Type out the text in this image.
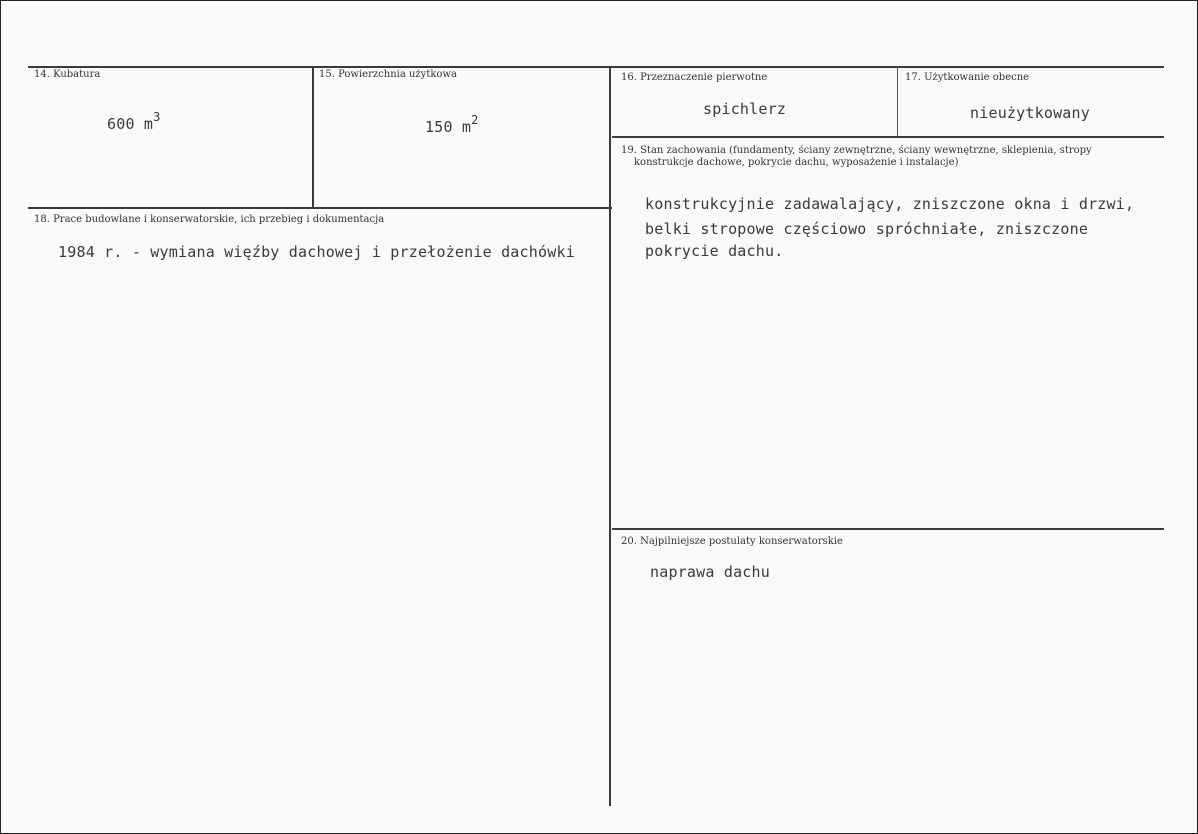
14. Kubatura
600 $m^3$
15. Powierzchnia użytkowa
150 $m^2$
16. Przeznaczenie pierwotne
spichlerz
17. Użytkowanie obecne
nieużytkowany
18. Prace budowlane i konserwatorskie, ich przebieg i dokumentacja
1984 r. - wymiana więźby dachowej i przełożenie dachówki
19. Stan zachowania (fundamenty, ściany zewnętrzne, ściany wewnętrzne, sklepienia, stropy
konstrukcje dachowe, pokrycie dachu, wyposażenie i instalacje)
konstrukcyjnie zadawalający, zniszczone okna i drzwi,
belki stropowe częściowo spróchniałe, zniszczone
pokrycie dachu.
20. Najpilniejsze postulaty konserwatorskie
naprawa dachu
